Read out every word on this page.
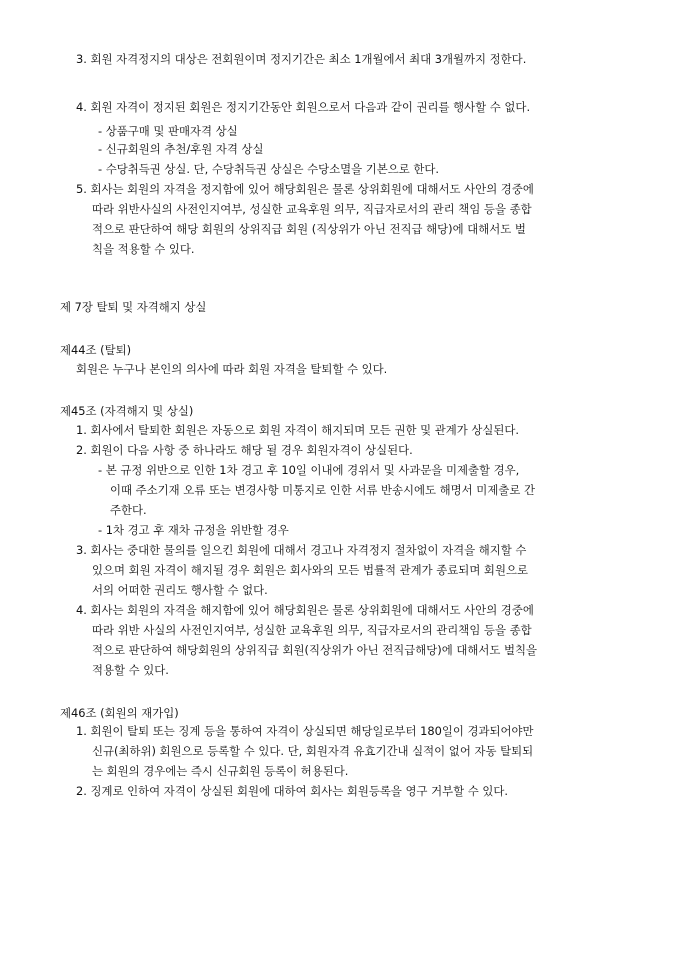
3. 회원 자격정지의 대상은 전회원이며 정지기간은 최소 1개월에서 최대 3개월까지 정한다.
4. 회원 자격이 정지된 회원은 정지기간동안 회원으로서 다음과 같이 권리를 행사할 수 없다.
- 상품구매 및 판매자격 상실
- 신규회원의 추천/후원 자격 상실
- 수당취득권 상실. 단, 수당취득권 상실은 수당소멸을 기본으로 한다.
5. 회사는 회원의 자격을 정지함에 있어 해당회원은 물론 상위회원에 대해서도 사안의 경중에
따라 위반사실의 사전인지여부, 성실한 교육후원 의무, 직급자로서의 관리 책임 등을 종합
적으로 판단하여 해당 회원의 상위직급 회원 (직상위가 아닌 전직급 해당)에 대해서도 벌
칙을 적용할 수 있다.
제 7장 탈퇴 및 자격해지 상실
제44조 (탈퇴)
회원은 누구나 본인의 의사에 따라 회원 자격을 탈퇴할 수 있다.
제45조 (자격해지 및 상실)
1. 회사에서 탈퇴한 회원은 자동으로 회원 자격이 해지되며 모든 권한 및 관계가 상실된다.
2. 회원이 다음 사항 중 하나라도 해당 될 경우 회원자격이 상실된다.
- 본 규정 위반으로 인한 1차 경고 후 10일 이내에 경위서 및 사과문을 미제출할 경우,
이때 주소기재 오류 또는 변경사항 미통지로 인한 서류 반송시에도 해명서 미제출로 간
주한다.
- 1차 경고 후 재차 규정을 위반할 경우
3. 회사는 중대한 물의를 일으킨 회원에 대해서 경고나 자격정지 절차없이 자격을 해지할 수
있으며 회원 자격이 해지될 경우 회원은 회사와의 모든 법률적 관계가 종료되며 회원으로
서의 어떠한 권리도 행사할 수 없다.
4. 회사는 회원의 자격을 해지함에 있어 해당회원은 물론 상위회원에 대해서도 사안의 경중에
따라 위반 사실의 사전인지여부, 성실한 교육후원 의무, 직급자로서의 관리책임 등을 종합
적으로 판단하여 해당회원의 상위직급 회원(직상위가 아닌 전직급해당)에 대해서도 벌칙을
적용할 수 있다.
제46조 (회원의 재가입)
1. 회원이 탈퇴 또는 징계 등을 통하여 자격이 상실되면 해당일로부터 180일이 경과되어야만
신규(최하위) 회원으로 등록할 수 있다. 단, 회원자격 유효기간내 실적이 없어 자동 탈퇴되
는 회원의 경우에는 즉시 신규회원 등록이 허용된다.
2. 징계로 인하여 자격이 상실된 회원에 대하여 회사는 회원등록을 영구 거부할 수 있다.
